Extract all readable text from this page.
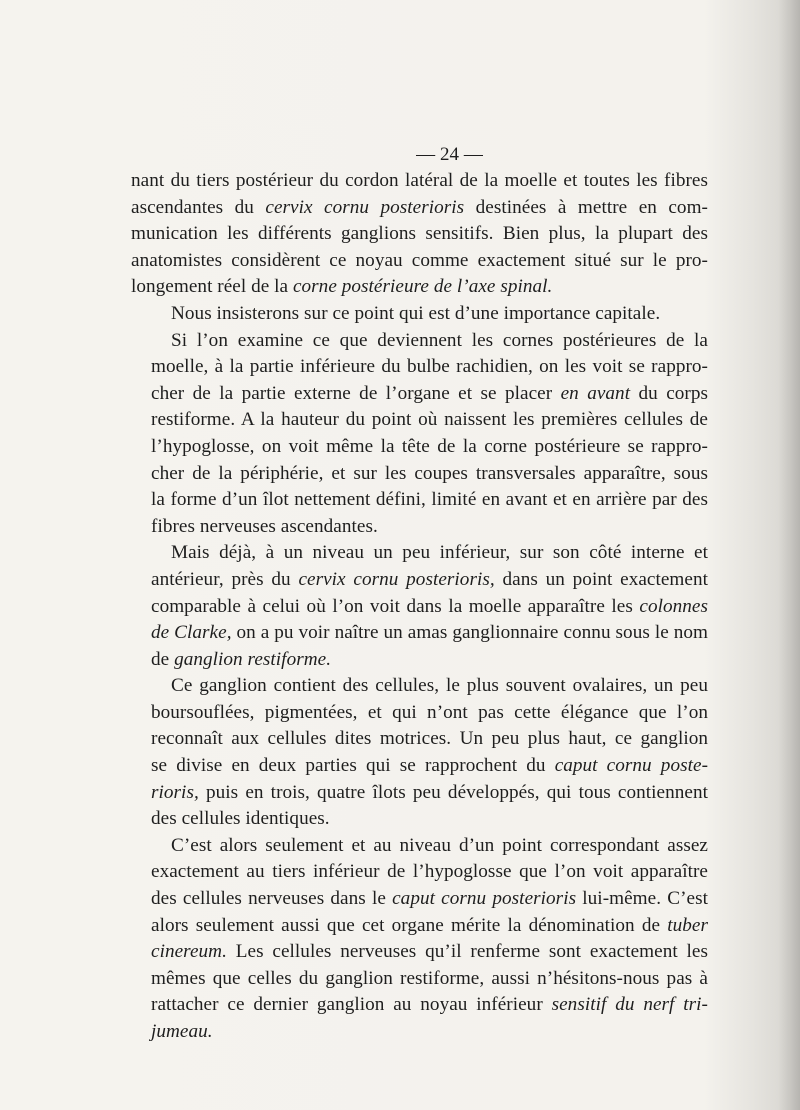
— 24 —
nant du tiers postérieur du cordon latéral de la moelle et toutes les fibres
ascendantes du cervix cornu posterioris destinées à mettre en com-
munication les différents ganglions sensitifs. Bien plus, la plupart des
anatomistes considèrent ce noyau comme exactement situé sur le pro-
longement réel de la corne postérieure de l’axe spinal.
Nous insisterons sur ce point qui est d’une importance capitale.
Si l’on examine ce que deviennent les cornes postérieures de la
moelle, à la partie inférieure du bulbe rachidien, on les voit se rappro-
cher de la partie externe de l’organe et se placer en avant du corps
restiforme. A la hauteur du point où naissent les premières cellules de
l’hypoglosse, on voit même la tête de la corne postérieure se rappro-
cher de la périphérie, et sur les coupes transversales apparaître, sous
la forme d’un îlot nettement défini, limité en avant et en arrière par des
fibres nerveuses ascendantes.
Mais déjà, à un niveau un peu inférieur, sur son côté interne et
antérieur, près du cervix cornu posterioris, dans un point exactement
comparable à celui où l’on voit dans la moelle apparaître les colonnes
de Clarke, on a pu voir naître un amas ganglionnaire connu sous le nom
de ganglion restiforme.
Ce ganglion contient des cellules, le plus souvent ovalaires, un peu
boursouflées, pigmentées, et qui n’ont pas cette élégance que l’on
reconnaît aux cellules dites motrices. Un peu plus haut, ce ganglion
se divise en deux parties qui se rapprochent du caput cornu poste-
rioris, puis en trois, quatre îlots peu développés, qui tous contiennent
des cellules identiques.
C’est alors seulement et au niveau d’un point correspondant assez
exactement au tiers inférieur de l’hypoglosse que l’on voit apparaître
des cellules nerveuses dans le caput cornu posterioris lui-même. C’est
alors seulement aussi que cet organe mérite la dénomination de tuber
cinereum. Les cellules nerveuses qu’il renferme sont exactement les
mêmes que celles du ganglion restiforme, aussi n’hésitons-nous pas à
rattacher ce dernier ganglion au noyau inférieur sensitif du nerf tri-
jumeau.
